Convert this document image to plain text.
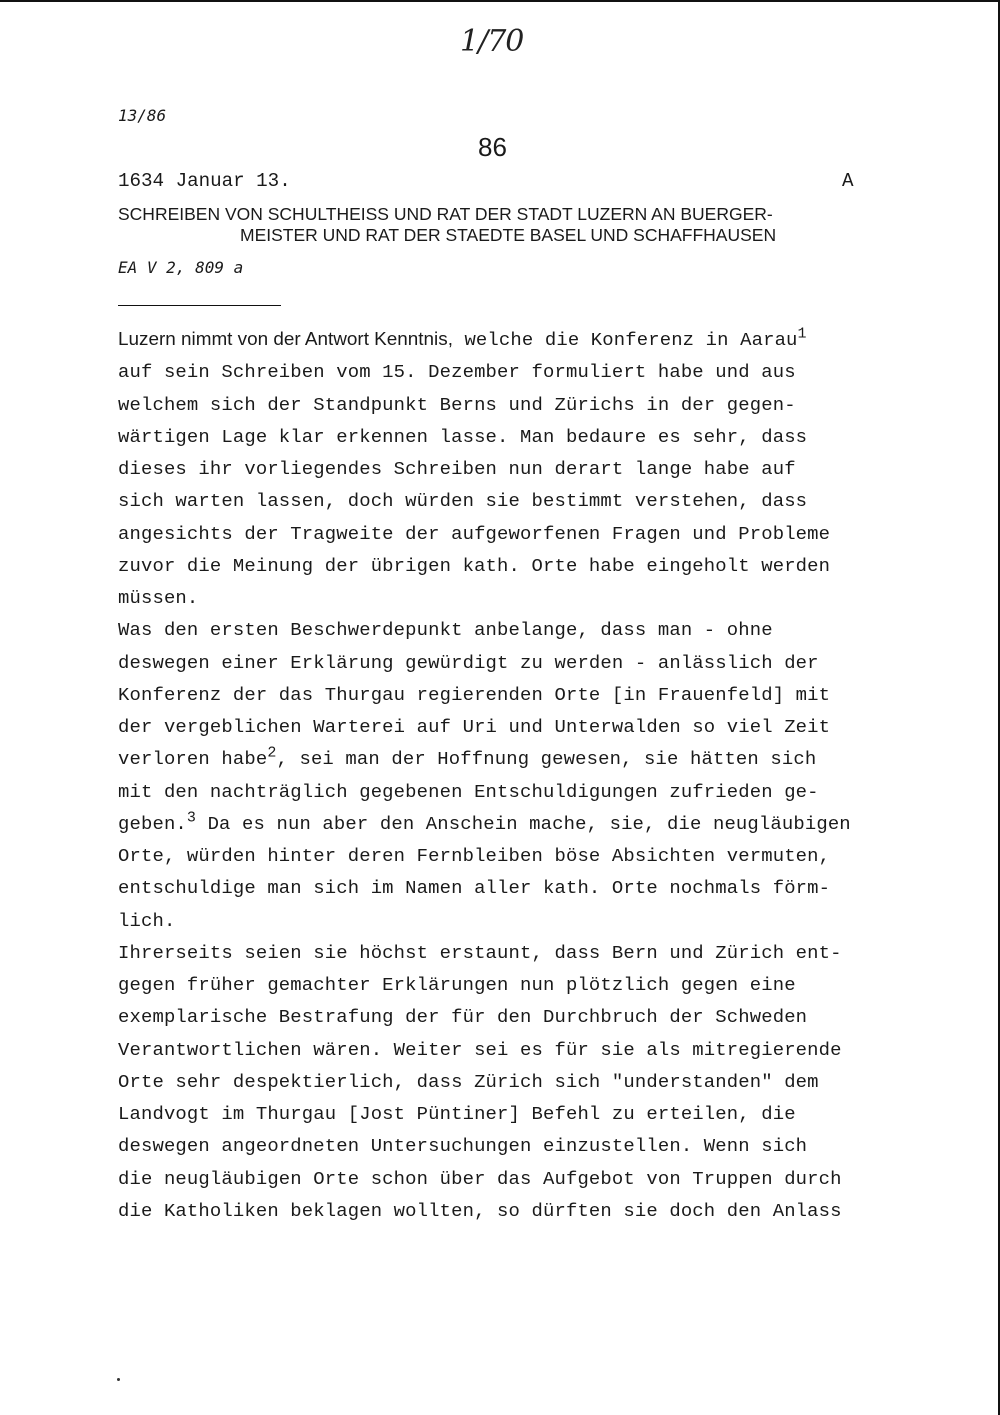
1/70
13/86
86
1634 Januar 13.	A
SCHREIBEN VON SCHULTHEISS UND RAT DER STADT LUZERN AN BUERGER-
MEISTER UND RAT DER STAEDTE BASEL UND SCHAFFHAUSEN
EA V 2, 809 a
Luzern nimmt von der Antwort Kenntnis, welche die Konferenz in Aarau$^1$
auf sein Schreiben vom 15. Dezember formuliert habe und aus
welchem sich der Standpunkt Berns und Zürichs in der gegen-
wärtigen Lage klar erkennen lasse. Man bedaure es sehr, dass
dieses ihr vorliegendes Schreiben nun derart lange habe auf
sich warten lassen, doch würden sie bestimmt verstehen, dass
angesichts der Tragweite der aufgeworfenen Fragen und Probleme
zuvor die Meinung der übrigen kath. Orte habe eingeholt werden
müssen.
Was den ersten Beschwerdepunkt anbelange, dass man - ohne
deswegen einer Erklärung gewürdigt zu werden - anlässlich der
Konferenz der das Thurgau regierenden Orte [in Frauenfeld] mit
der vergeblichen Warterei auf Uri und Unterwalden so viel Zeit
verloren habe$^2$, sei man der Hoffnung gewesen, sie hätten sich
mit den nachträglich gegebenen Entschuldigungen zufrieden ge-
geben.$^3$ Da es nun aber den Anschein mache, sie, die neugläubigen
Orte, würden hinter deren Fernbleiben böse Absichten vermuten,
entschuldige man sich im Namen aller kath. Orte nochmals förm-
lich.
Ihrerseits seien sie höchst erstaunt, dass Bern und Zürich ent-
gegen früher gemachter Erklärungen nun plötzlich gegen eine
exemplarische Bestrafung der für den Durchbruch der Schweden
Verantwortlichen wären. Weiter sei es für sie als mitregierende
Orte sehr despektierlich, dass Zürich sich "understanden" dem
Landvogt im Thurgau [Jost Püntiner] Befehl zu erteilen, die
deswegen angeordneten Untersuchungen einzustellen. Wenn sich
die neugläubigen Orte schon über das Aufgebot von Truppen durch
die Katholiken beklagen wollten, so dürften sie doch den Anlass
